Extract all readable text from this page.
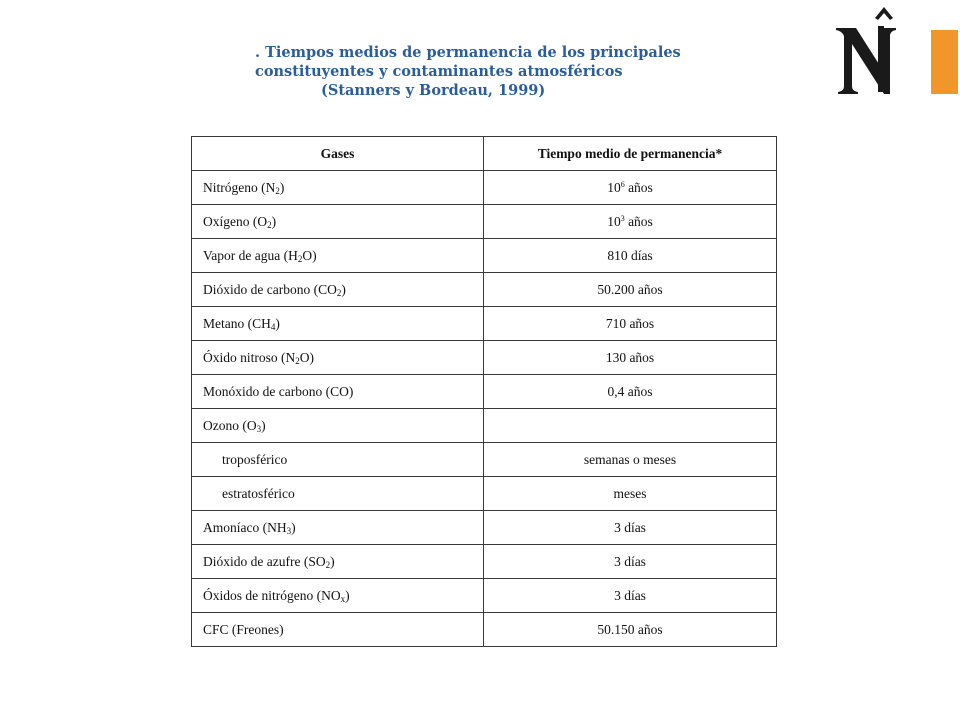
. Tiempos medios de permanencia de los principales
constituyentes y contaminantes atmosféricos
(Stanners y Bordeau, 1999)
Gases	Tiempo medio de permanencia*
Nitrógeno $(N_2)$	$10^6$ años
Oxígeno $(O_2)$	$10^3$ años
Vapor de agua $(H_2O)$	810 días
Dióxido de carbono $(CO_2)$	50.200 años
Metano $(CH_4)$	710 años
Óxido nitroso $(N_2O)$	130 años
Monóxido de carbono (CO)	0,4 años
Ozono $(O_3)$	
troposférico	semanas o meses
estratosférico	meses
Amoníaco $(NH_3)$	3 días
Dióxido de azufre $(SO_2)$	3 días
Óxidos de nitrógeno $(NO_x)$	3 días
CFC (Freones)	50.150 años
